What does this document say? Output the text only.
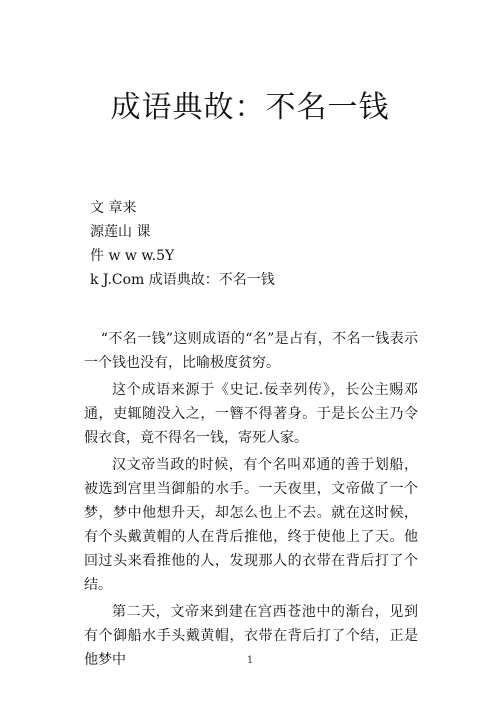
成语典故：不名一钱
文 章来
源莲山 课
件 w w w.5Y
k J.Com 成语典故：不名一钱

“不名一钱”这则成语的“名”是占有，不名一钱表示一个钱也没有，比喻极度贫穷。

这个成语来源于《史记.佞幸列传》，长公主赐邓通，吏辄随没入之，一簪不得著身。于是长公主乃令假衣食，竟不得名一钱，寄死人家。

汉文帝当政的时候，有个名叫邓通的善于划船，被选到宫里当御船的水手。一天夜里，文帝做了一个梦，梦中他想升天，却怎么也上不去。就在这时候，有个头戴黄帽的人在背后推他，终于使他上了天。他回过头来看推他的人，发现那人的衣带在背后打了个结。

第二天，文帝来到建在宫西苍池中的渐台，见到有个御船水手头戴黄帽，衣带在背后打了个结，正是他梦中	1
